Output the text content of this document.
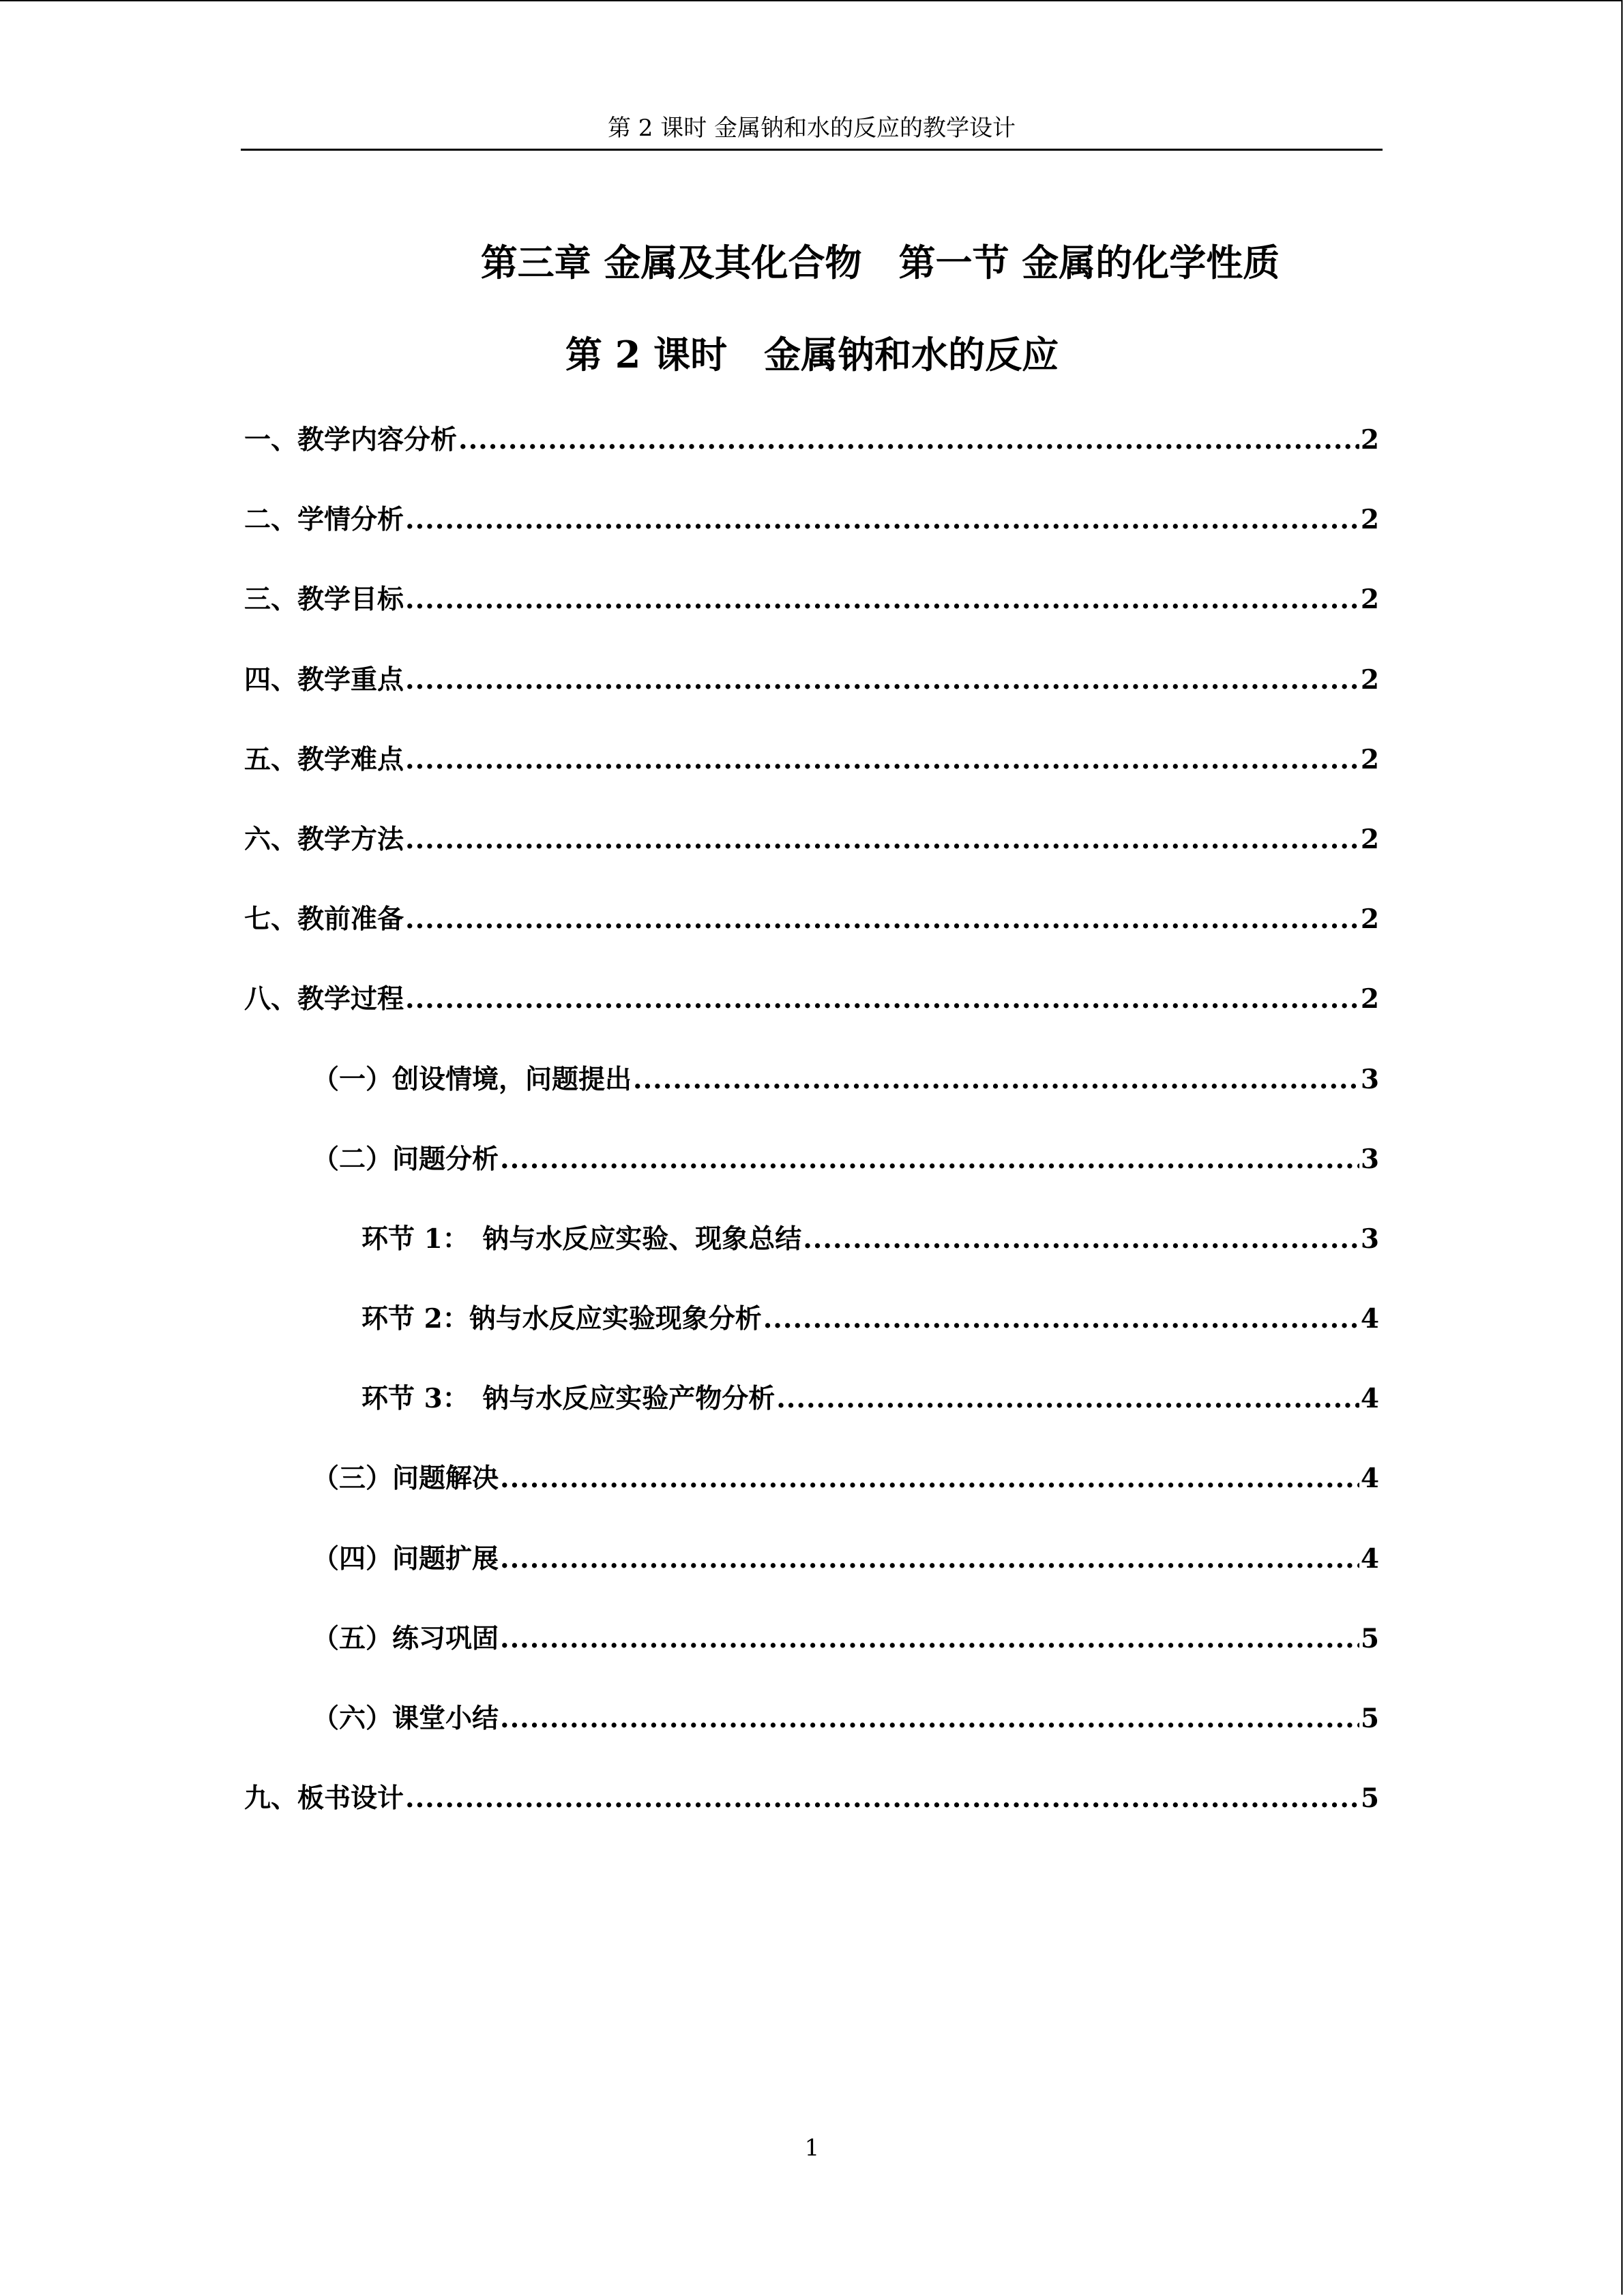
第 2 课时 金属钠和水的反应的教学设计
第三章 金属及其化合物　第一节 金属的化学性质
第 2 课时　金属钠和水的反应
一、教学内容分析 .....	2
二、学情分析 .....	2
三、教学目标 .....	2
四、教学重点 .....	2
五、教学难点 .....	2
六、教学方法 .....	2
七、教前准备 .....	2
八、教学过程 .....	2
（一）创设情境，问题提出 .....	3
（二）问题分析 .....	3
环节 1：　钠与水反应实验、现象总结 .....	3
环节 2：钠与水反应实验现象分析 .....	4
环节 3：　钠与水反应实验产物分析 .....	4
（三）问题解决 .....	4
（四）问题扩展 .....	4
（五）练习巩固 .....	5
（六）课堂小结 .....	5
九、板书设计 .....	5
1
